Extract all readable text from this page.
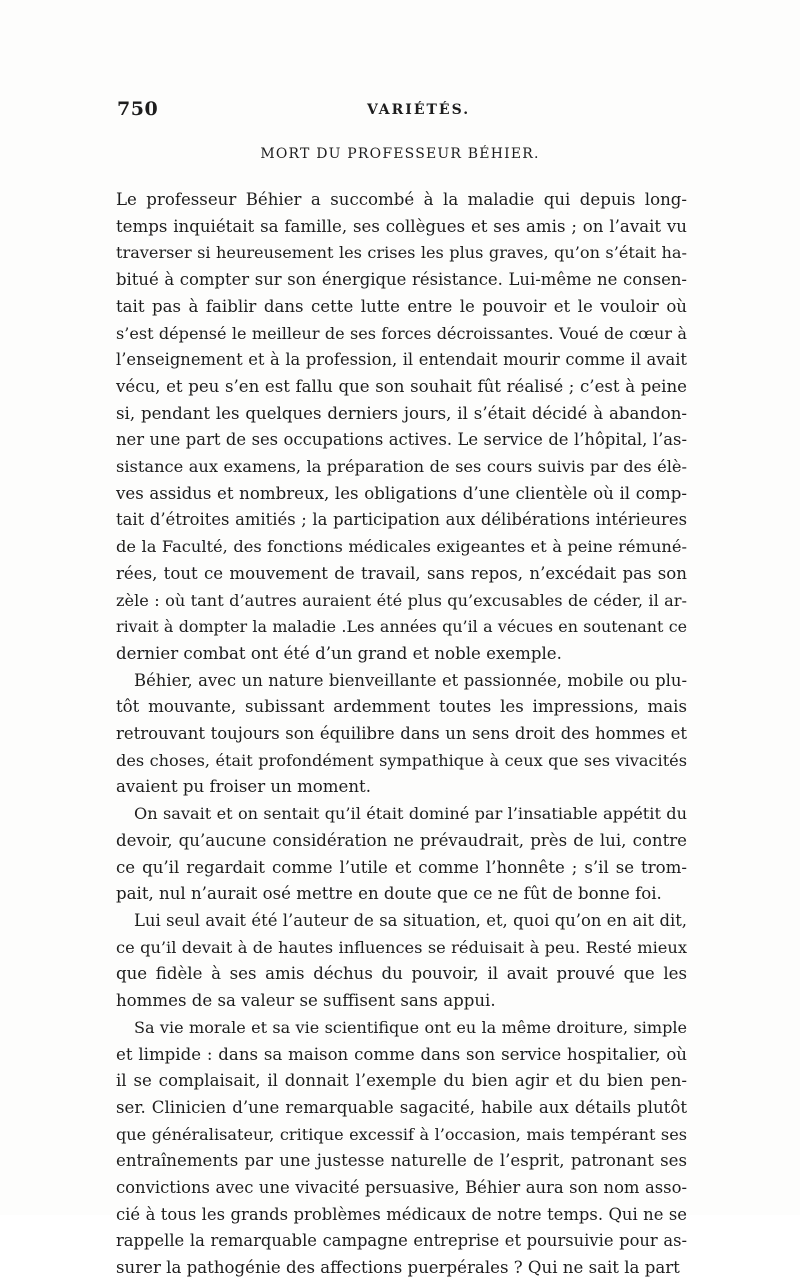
750	VARIÉTÉS.
MORT DU PROFESSEUR BÉHIER.

Le professeur Béhier a succombé à la maladie qui depuis long-
temps inquiétait sa famille, ses collègues et ses amis ; on l’avait vu
traverser si heureusement les crises les plus graves, qu’on s’était ha-
bitué à compter sur son énergique résistance. Lui-même ne consen-
tait pas à faiblir dans cette lutte entre le pouvoir et le vouloir où
s’est dépensé le meilleur de ses forces décroissantes. Voué de cœur à
l’enseignement et à la profession, il entendait mourir comme il avait
vécu, et peu s’en est fallu que son souhait fût réalisé ; c’est à peine
si, pendant les quelques derniers jours, il s’était décidé à abandon-
ner une part de ses occupations actives. Le service de l’hôpital, l’as-
sistance aux examens, la préparation de ses cours suivis par des élè-
ves assidus et nombreux, les obligations d’une clientèle où il comp-
tait d’étroites amitiés ; la participation aux délibérations intérieures
de la Faculté, des fonctions médicales exigeantes et à peine rémuné-
rées, tout ce mouvement de travail, sans repos, n’excédait pas son
zèle : où tant d’autres auraient été plus qu’excusables de céder, il ar-
rivait à dompter la maladie .Les années qu’il a vécues en soutenant ce
dernier combat ont été d’un grand et noble exemple.

Béhier, avec un nature bienveillante et passionnée, mobile ou plu-
tôt mouvante, subissant ardemment toutes les impressions, mais
retrouvant toujours son équilibre dans un sens droit des hommes et
des choses, était profondément sympathique à ceux que ses vivacités
avaient pu froiser un moment.

On savait et on sentait qu’il était dominé par l’insatiable appétit du
devoir, qu’aucune considération ne prévaudrait, près de lui, contre
ce qu’il regardait comme l’utile et comme l’honnête ; s’il se trom-
pait, nul n’aurait osé mettre en doute que ce ne fût de bonne foi.

Lui seul avait été l’auteur de sa situation, et, quoi qu’on en ait dit,
ce qu’il devait à de hautes influences se réduisait à peu. Resté mieux
que fidèle à ses amis déchus du pouvoir, il avait prouvé que les
hommes de sa valeur se suffisent sans appui.

Sa vie morale et sa vie scientifique ont eu la même droiture, simple
et limpide : dans sa maison comme dans son service hospitalier, où
il se complaisait, il donnait l’exemple du bien agir et du bien pen-
ser. Clinicien d’une remarquable sagacité, habile aux détails plutôt
que généralisateur, critique excessif à l’occasion, mais tempérant ses
entraînements par une justesse naturelle de l’esprit, patronant ses
convictions avec une vivacité persuasive, Béhier aura son nom asso-
cié à tous les grands problèmes médicaux de notre temps. Qui ne se
rappelle la remarquable campagne entreprise et poursuivie pour as-
surer la pathogénie des affections puerpérales ? Qui ne sait la part
